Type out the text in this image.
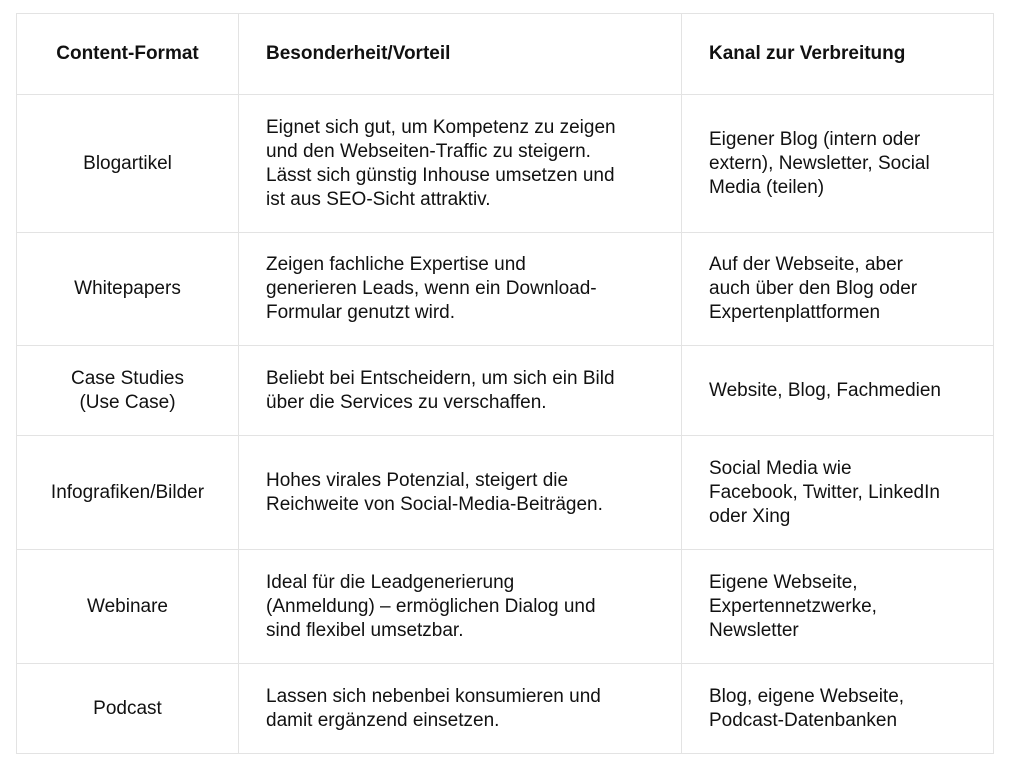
Content-Format	Besonderheit/Vorteil	Kanal zur Verbreitung

Blogartikel	Eignet sich gut, um Kompetenz zu zeigen
und den Webseiten-Traffic zu steigern.
Lässt sich günstig Inhouse umsetzen und
ist aus SEO-Sicht attraktiv.	Eigener Blog (intern oder
extern), Newsletter, Social
Media (teilen)

Whitepapers	Zeigen fachliche Expertise und
generieren Leads, wenn ein Download-
Formular genutzt wird.	Auf der Webseite, aber
auch über den Blog oder
Expertenplattformen

Case Studies
(Use Case)	Beliebt bei Entscheidern, um sich ein Bild
über die Services zu verschaffen.	Website, Blog, Fachmedien

Infografiken/Bilder	Hohes virales Potenzial, steigert die
Reichweite von Social-Media-Beiträgen.	Social Media wie
Facebook, Twitter, LinkedIn
oder Xing

Webinare	Ideal für die Leadgenerierung
(Anmeldung) – ermöglichen Dialog und
sind flexibel umsetzbar.	Eigene Webseite,
Expertennetzwerke,
Newsletter

Podcast	Lassen sich nebenbei konsumieren und
damit ergänzend einsetzen.	Blog, eigene Webseite,
Podcast-Datenbanken
